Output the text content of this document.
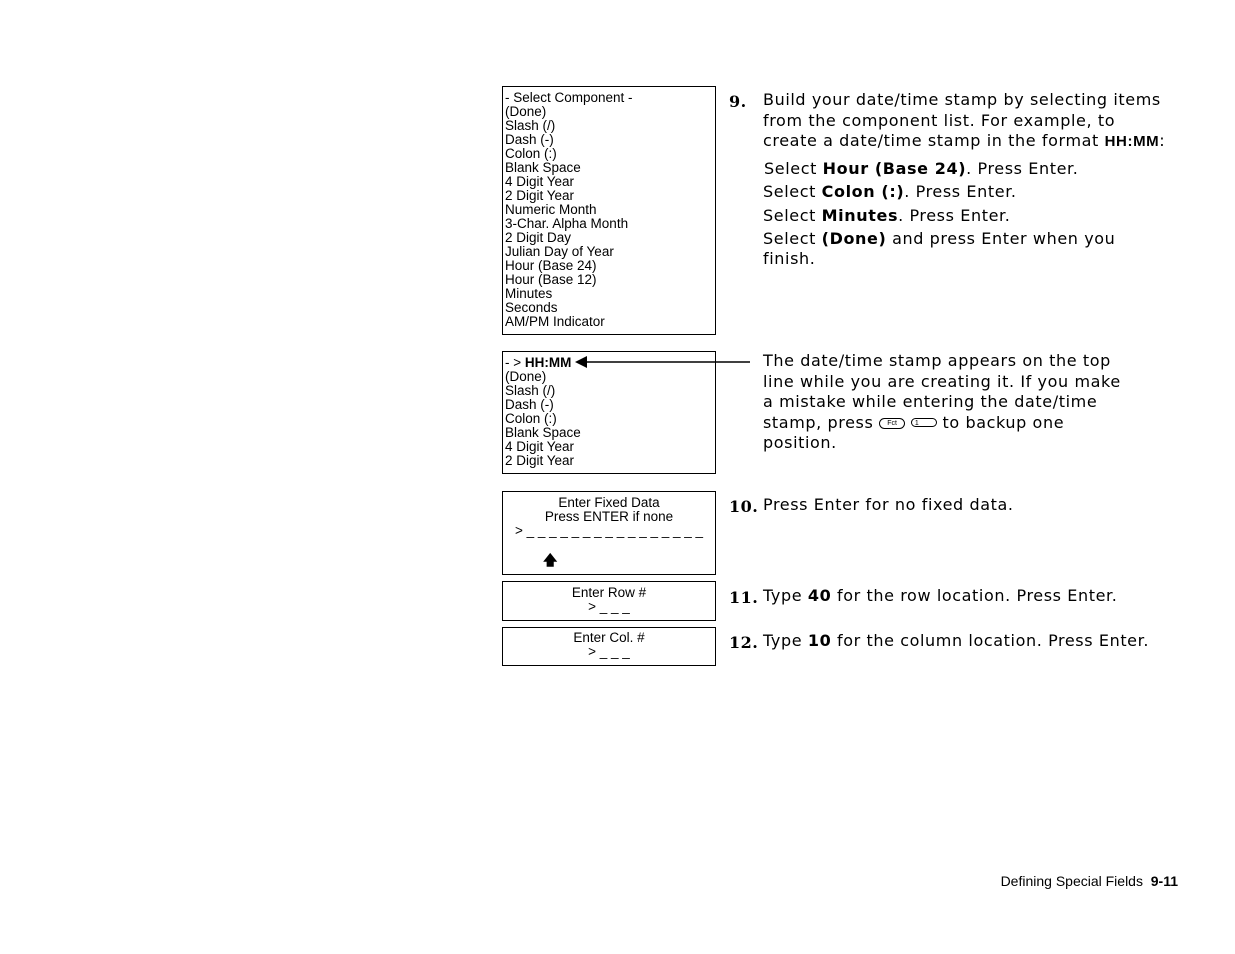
- Select Component -
(Done)
Slash (/)
Dash (-)
Colon (:)
Blank Space
4 Digit Year
2 Digit Year
Numeric Month
3-Char. Alpha Month
2 Digit Day
Julian Day of Year
Hour (Base 24)
Hour (Base 12)
Minutes
Seconds
AM/PM Indicator
- > HH:MM
(Done)
Slash (/)
Dash (-)
Colon (:)
Blank Space
4 Digit Year
2 Digit Year
Enter Fixed Data
Press ENTER if none
> _ _ _ _ _ _ _ _ _ _ _ _ _ _ _ _
🡅
Enter Row #
> _ _ _
Enter Col. #
> _ _ _
9. Build your date/time stamp by selecting items
from the component list. For example, to
create a date/time stamp in the format HH:MM:
Select Hour (Base 24). Press Enter.
Select Colon (:). Press Enter.
Select Minutes. Press Enter.
Select (Done) and press Enter when you
finish.
The date/time stamp appears on the top
line while you are creating it. If you make
a mistake while entering the date/time
stamp, press Fct	1 to backup one
position.
10. Press Enter for no fixed data.
11. Type 40 for the row location. Press Enter.
12. Type 10 for the column location. Press Enter.
Defining Special Fields 9-11
